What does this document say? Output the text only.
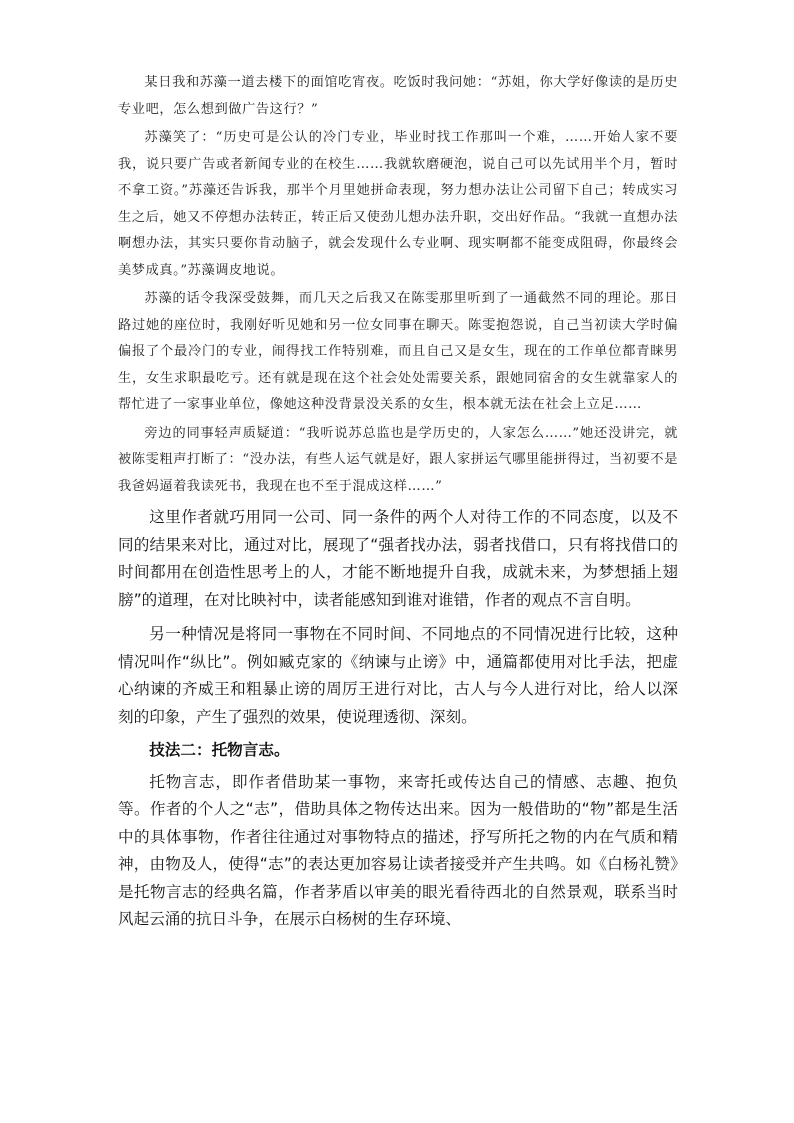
某日我和苏藻一道去楼下的面馆吃宵夜。吃饭时我问她：“苏姐，你大学好像读的是历史专业吧，怎么想到做广告这行？”

苏藻笑了：“历史可是公认的冷门专业，毕业时找工作那叫一个难，……开始人家不要我，说只要广告或者新闻专业的在校生……我就软磨硬泡，说自己可以先试用半个月，暂时不拿工资。”苏藻还告诉我，那半个月里她拼命表现，努力想办法让公司留下自己；转成实习生之后，她又不停想办法转正，转正后又使劲儿想办法升职，交出好作品。“我就一直想办法啊想办法，其实只要你肯动脑子，就会发现什么专业啊、现实啊都不能变成阻碍，你最终会美梦成真。”苏藻调皮地说。

苏藻的话令我深受鼓舞，而几天之后我又在陈雯那里听到了一通截然不同的理论。那日路过她的座位时，我刚好听见她和另一位女同事在聊天。陈雯抱怨说，自己当初读大学时偏偏报了个最冷门的专业，闹得找工作特别难，而且自己又是女生，现在的工作单位都青睐男生，女生求职最吃亏。还有就是现在这个社会处处需要关系，跟她同宿舍的女生就靠家人的帮忙进了一家事业单位，像她这种没背景没关系的女生，根本就无法在社会上立足……

旁边的同事轻声质疑道：“我听说苏总监也是学历史的，人家怎么……”她还没讲完，就被陈雯粗声打断了：“没办法，有些人运气就是好，跟人家拼运气哪里能拼得过，当初要不是我爸妈逼着我读死书，我现在也不至于混成这样……”

这里作者就巧用同一公司、同一条件的两个人对待工作的不同态度，以及不同的结果来对比，通过对比，展现了“强者找办法，弱者找借口，只有将找借口的时间都用在创造性思考上的人，才能不断地提升自我，成就未来，为梦想插上翅膀”的道理，在对比映衬中，读者能感知到谁对谁错，作者的观点不言自明。

另一种情况是将同一事物在不同时间、不同地点的不同情况进行比较，这种情况叫作“纵比”。例如臧克家的《纳谏与止谤》中，通篇都使用对比手法，把虚心纳谏的齐威王和粗暴止谤的周厉王进行对比，古人与今人进行对比，给人以深刻的印象，产生了强烈的效果，使说理透彻、深刻。

技法二：托物言志。

托物言志，即作者借助某一事物，来寄托或传达自己的情感、志趣、抱负等。作者的个人之“志”，借助具体之物传达出来。因为一般借助的“物”都是生活中的具体事物，作者往往通过对事物特点的描述，抒写所托之物的内在气质和精神，由物及人，使得“志”的表达更加容易让读者接受并产生共鸣。如《白杨礼赞》是托物言志的经典名篇，作者茅盾以审美的眼光看待西北的自然景观，联系当时风起云涌的抗日斗争，在展示白杨树的生存环境、
